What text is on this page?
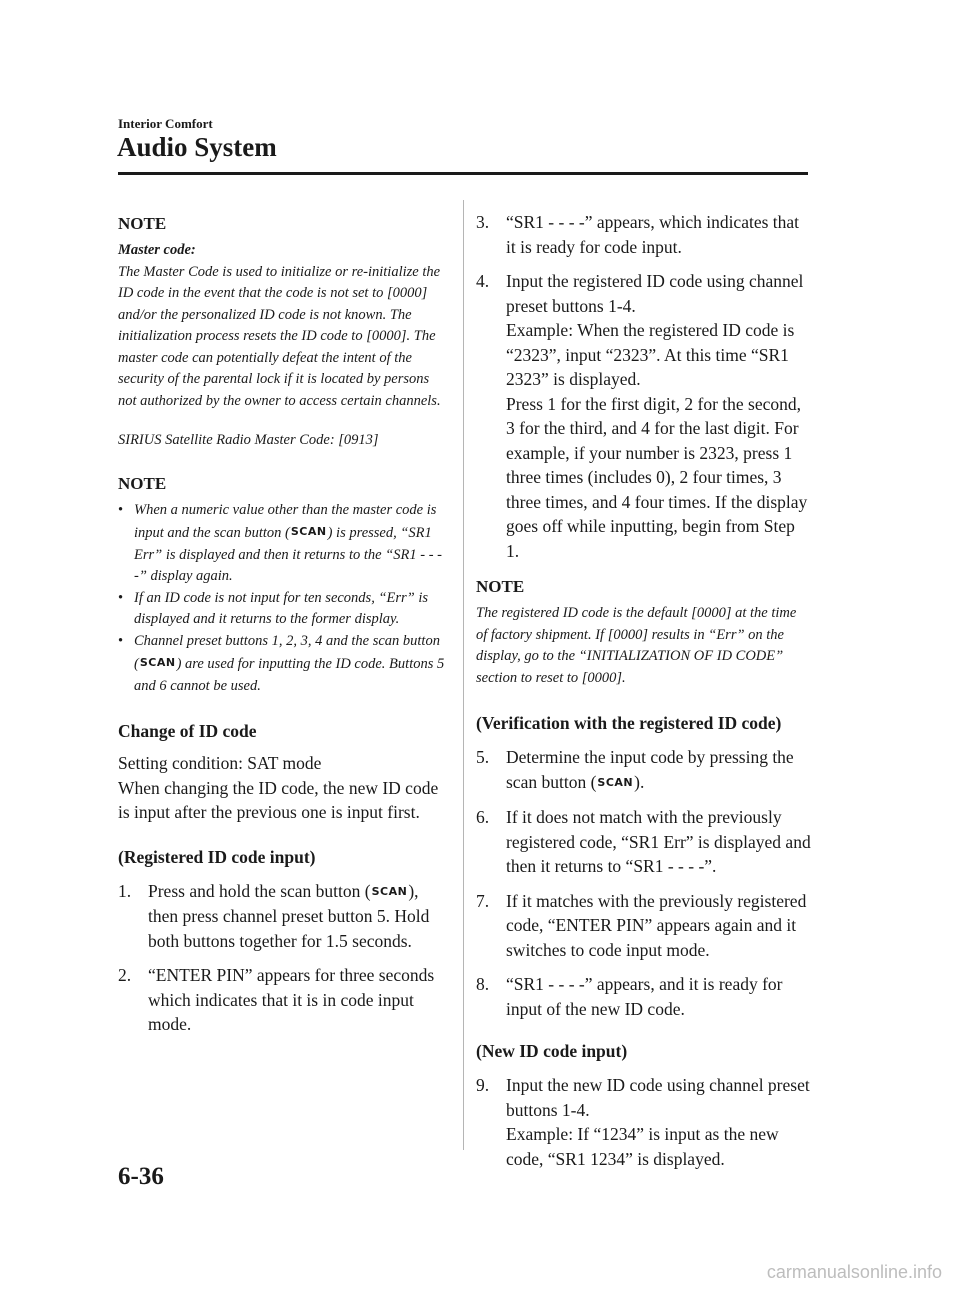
Interior Comfort
Audio System
NOTE

Master code:

The Master Code is used to initialize or re-initialize the ID code in the event that the code is not set to [0000] and/or the personalized ID code is not known. The initialization process resets the ID code to [0000]. The master code can potentially defeat the intent of the security of the parental lock if it is located by persons not authorized by the owner to access certain channels.

SIRIUS Satellite Radio Master Code: [0913]

NOTE
• When a numeric value other than the master code is input and the scan button (SCAN) is pressed, “SR1 Err” is displayed and then it returns to the “SR1 - - - -” display again.
• If an ID code is not input for ten seconds, “Err” is displayed and it returns to the former display.
• Channel preset buttons 1, 2, 3, 4 and the scan button (SCAN) are used for inputting the ID code. Buttons 5 and 6 cannot be used.
Change of ID code

Setting condition: SAT mode

When changing the ID code, the new ID code is input after the previous one is input first.

(Registered ID code input)
1. Press and hold the scan button (SCAN), then press channel preset button 5. Hold both buttons together for 1.5 seconds.
2. “ENTER PIN” appears for three seconds which indicates that it is in code input mode.
3. “SR1 - - - -” appears, which indicates that it is ready for code input.
4. Input the registered ID code using channel preset buttons 1-4.
Example: When the registered ID code is “2323”, input “2323”. At this time “SR1 2323” is displayed.
Press 1 for the first digit, 2 for the second, 3 for the third, and 4 for the last digit. For example, if your number is 2323, press 1 three times (includes 0), 2 four times, 3 three times, and 4 four times. If the display goes off while inputting, begin from Step 1.
NOTE

The registered ID code is the default [0000] at the time of factory shipment. If [0000] results in “Err” on the display, go to the “INITIALIZATION OF ID CODE” section to reset to [0000].

(Verification with the registered ID code)
5. Determine the input code by pressing the scan button (SCAN).
6. If it does not match with the previously registered code, “SR1 Err” is displayed and then it returns to “SR1 - - - -”.
7. If it matches with the previously registered code, “ENTER PIN” appears again and it switches to code input mode.
8. “SR1 - - - -” appears, and it is ready for input of the new ID code.
(New ID code input)
9. Input the new ID code using channel preset buttons 1-4.
Example: If “1234” is input as the new code, “SR1 1234” is displayed.
6-36
carmanualsonline.info
